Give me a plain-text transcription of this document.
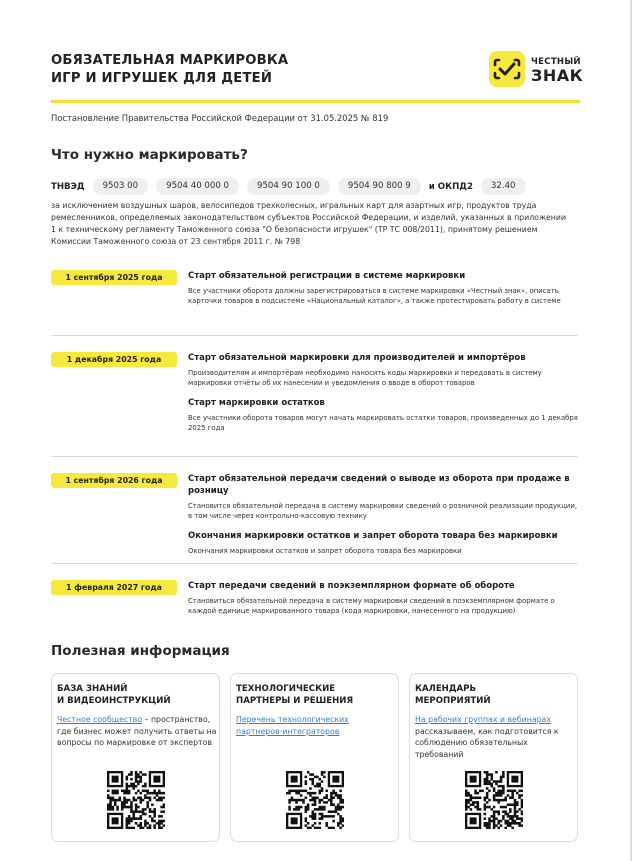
ОБЯЗАТЕЛЬНАЯ МАРКИРОВКА
ИГР И ИГРУШЕК ДЛЯ ДЕТЕЙ
ЧЕСТНЫЙ
ЗНАК
Постановление Правительства Российской Федерации от 31.05.2025 № 819
Что нужно маркировать?
ТНВЭД	9503 00	9504 40 000 0	9504 90 100 0	9504 90 800 9	и ОКПД2	32.40
за исключением воздушных шаров, велосипедов трехколесных, игральных карт для азартных игр, продуктов труда ремесленников, определяемых законодательством субъектов Российской Федерации, и изделий, указанных в приложении 1 к техническому регламенту Таможенного союза "О безопасности игрушек" (ТР ТС 008/2011), принятому решением Комиссии Таможенного союза от 23 сентября 2011 г. № 798
1 сентября 2025 года	Старт обязательной регистрации в системе маркировки
Все участники оборота должны зарегистрироваться в системе маркировки «Честный знак», описать карточки товаров в подсистеме «Национальный каталог», а также протестировать работу в системе
1 декабря 2025 года	Старт обязательной маркировки для производителей и импортёров
Производителям и импортёрам необходимо наносить коды маркировки и передавать в систему маркировки отчёты об их нанесении и уведомления о вводе в оборот товаров
Старт маркировки остатков
Все участники оборота товаров могут начать маркировать остатки товаров, произведенных до 1 декабря 2025 года
1 сентября 2026 года	Старт обязательной передачи сведений о выводе из оборота при продаже в розницу
Становится обязательной передача в систему маркировки сведений о розничной реализации продукции, в том числе через контрольно-кассовую технику
Окончания маркировки остатков и запрет оборота товара без маркировки
Окончания маркировки остатков и запрет оборота товара без маркировки
1 февраля 2027 года	Старт передачи сведений в поэкземплярном формате об обороте
Становиться обязательной передача в систему маркировки сведений в поэкземплярном формате о каждой единице маркированного товара (кода маркировки, нанесенного на продукцию)
Полезная информация
БАЗА ЗНАНИЙ
И ВИДЕОИНСТРУКЦИЙ
Честное сообщество – пространство, где бизнес может получить ответы на вопросы по маркировке от экспертов
ТЕХНОЛОГИЧЕСКИЕ
ПАРТНЕРЫ И РЕШЕНИЯ
Перечень технологических партнеров-интеграторов
КАЛЕНДАРЬ
МЕРОПРИЯТИЙ
На рабочих группах и вебинарах рассказываем, как подготовится к соблюдению обязательных требований
